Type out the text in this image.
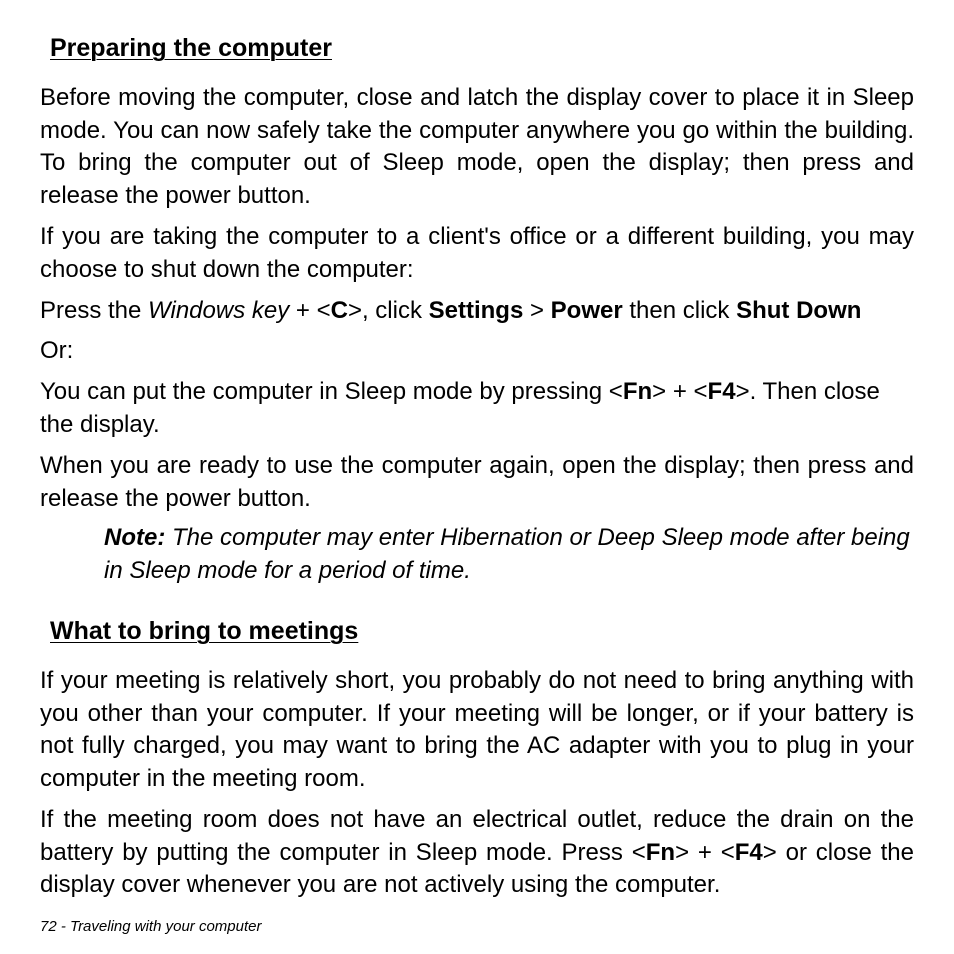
Preparing the computer

Before moving the computer, close and latch the display cover to place it in Sleep mode. You can now safely take the computer anywhere you go within the building. To bring the computer out of Sleep mode, open the display; then press and release the power button.

If you are taking the computer to a client's office or a different building, you may choose to shut down the computer:

Press the Windows key + <C>, click Settings > Power then click Shut Down

Or:

You can put the computer in Sleep mode by pressing <Fn> + <F4>. Then close the display.

When you are ready to use the computer again, open the display; then press and release the power button.

Note: The computer may enter Hibernation or Deep Sleep mode after being in Sleep mode for a period of time.

What to bring to meetings

If your meeting is relatively short, you probably do not need to bring anything with you other than your computer. If your meeting will be longer, or if your battery is not fully charged, you may want to bring the AC adapter with you to plug in your computer in the meeting room.

If the meeting room does not have an electrical outlet, reduce the drain on the battery by putting the computer in Sleep mode. Press <Fn> + <F4> or close the display cover whenever you are not actively using the computer.

72 - Traveling with your computer
